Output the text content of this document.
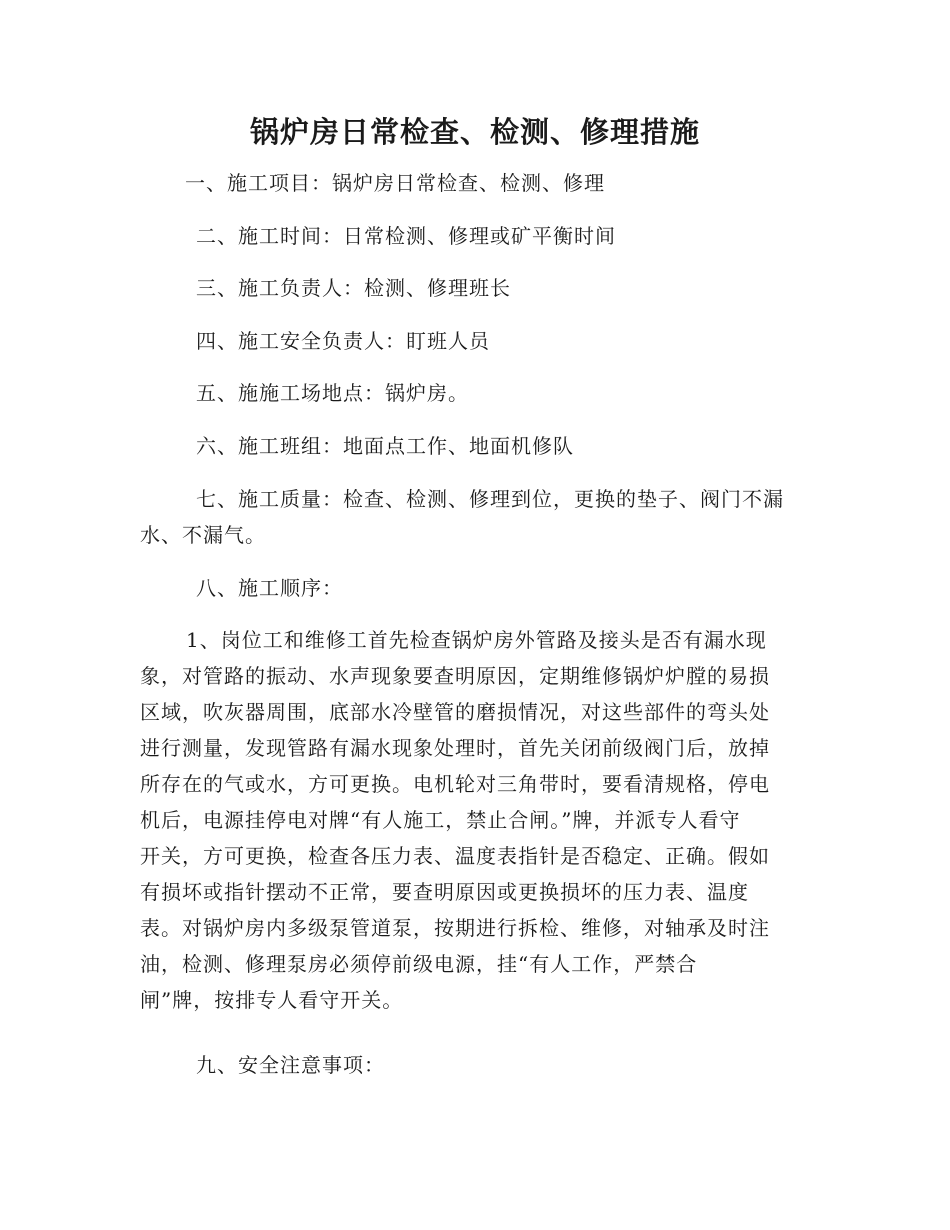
锅炉房日常检查、检测、修理措施
一、施工项目：锅炉房日常检查、检测、修理
二、施工时间：日常检测、修理或矿平衡时间
三、施工负责人：检测、修理班长
四、施工安全负责人：盯班人员
五、施施工场地点：锅炉房。
六、施工班组：地面点工作、地面机修队
七、施工质量：检查、检测、修理到位，更换的垫子、阀门不漏
水、不漏气。
八、施工顺序：
1、岗位工和维修工首先检查锅炉房外管路及接头是否有漏水现
象，对管路的振动、水声现象要查明原因，定期维修锅炉炉膛的易损
区域，吹灰器周围，底部水冷壁管的磨损情况，对这些部件的弯头处
进行测量，发现管路有漏水现象处理时，首先关闭前级阀门后，放掉
所存在的气或水，方可更换。电机轮对三角带时，要看清规格，停电
机后，电源挂停电对牌“有人施工，禁止合闸。”牌，并派专人看守
开关，方可更换，检查各压力表、温度表指针是否稳定、正确。假如
有损坏或指针摆动不正常，要查明原因或更换损坏的压力表、温度
表。对锅炉房内多级泵管道泵，按期进行拆检、维修，对轴承及时注
油，检测、修理泵房必须停前级电源，挂“有人工作，严禁合
闸”牌，按排专人看守开关。
九、安全注意事项：
